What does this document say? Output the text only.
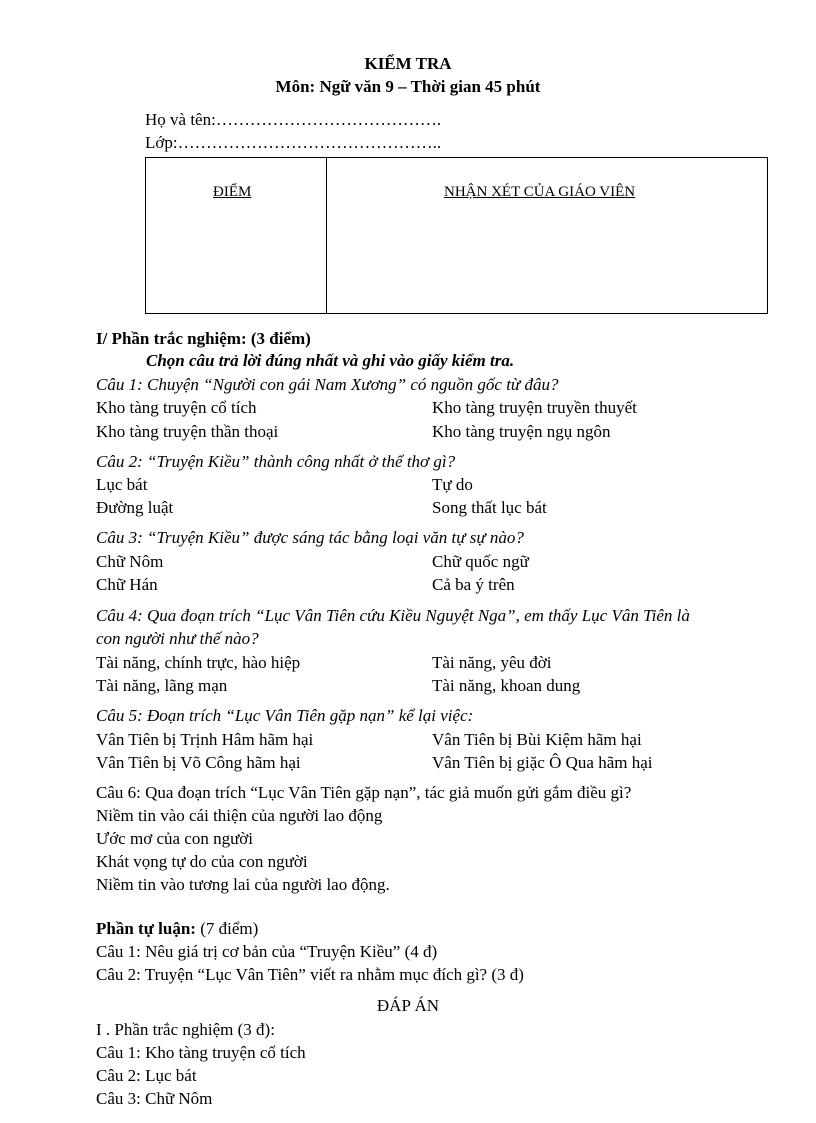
KIỂM TRA
Môn: Ngữ văn 9 – Thời gian 45 phút
Họ và tên:………………………………….
Lớp:………………………………………..
ĐIỂM	NHẬN XÉT CỦA GIÁO VIÊN
I/ Phần trắc nghiệm: (3 điểm)
Chọn câu trả lời đúng nhất và ghi vào giấy kiểm tra.
Câu 1: Chuyện “Người con gái Nam Xương” có nguồn gốc từ đâu?
Kho tàng truyện cổ tích	Kho tàng truyện truyền thuyết
Kho tàng truyện thần thoại	Kho tàng truyện ngụ ngôn
Câu 2: “Truyện Kiều” thành công nhất ở thể thơ gì?
Lục bát	Tự do
Đường luật	Song thất lục bát
Câu 3: “Truyện Kiều” được sáng tác bằng loại văn tự sự nào?
Chữ Nôm	Chữ quốc ngữ
Chữ Hán	Cả ba ý trên
Câu 4: Qua đoạn trích “Lục Vân Tiên cứu Kiều Nguyệt Nga”, em thấy Lục Vân Tiên là
con người như thế nào?
Tài năng, chính trực, hào hiệp	Tài năng, yêu đời
Tài năng, lãng mạn	Tài năng, khoan dung
Câu 5: Đoạn trích “Lục Vân Tiên gặp nạn” kể lại việc:
Vân Tiên bị Trịnh Hâm hãm hại	Vân Tiên bị Bùi Kiệm hãm hại
Vân Tiên bị Võ Công hãm hại	Vân Tiên bị giặc Ô Qua hãm hại
Câu 6: Qua đoạn trích “Lục Vân Tiên gặp nạn”, tác giả muốn gửi gắm điều gì?
Niềm tin vào cái thiện của người lao động
Ước mơ của con người
Khát vọng tự do của con người
Niềm tin vào tương lai của người lao động.
Phần tự luận: (7 điểm)
Câu 1: Nêu giá trị cơ bản của “Truyện Kiều” (4 đ)
Câu 2: Truyện “Lục Vân Tiên” viết ra nhằm mục đích gì? (3 đ)
ĐÁP ÁN
I . Phần trắc nghiệm (3 đ):
Câu 1: Kho tàng truyện cổ tích
Câu 2: Lục bát
Câu 3: Chữ Nôm
